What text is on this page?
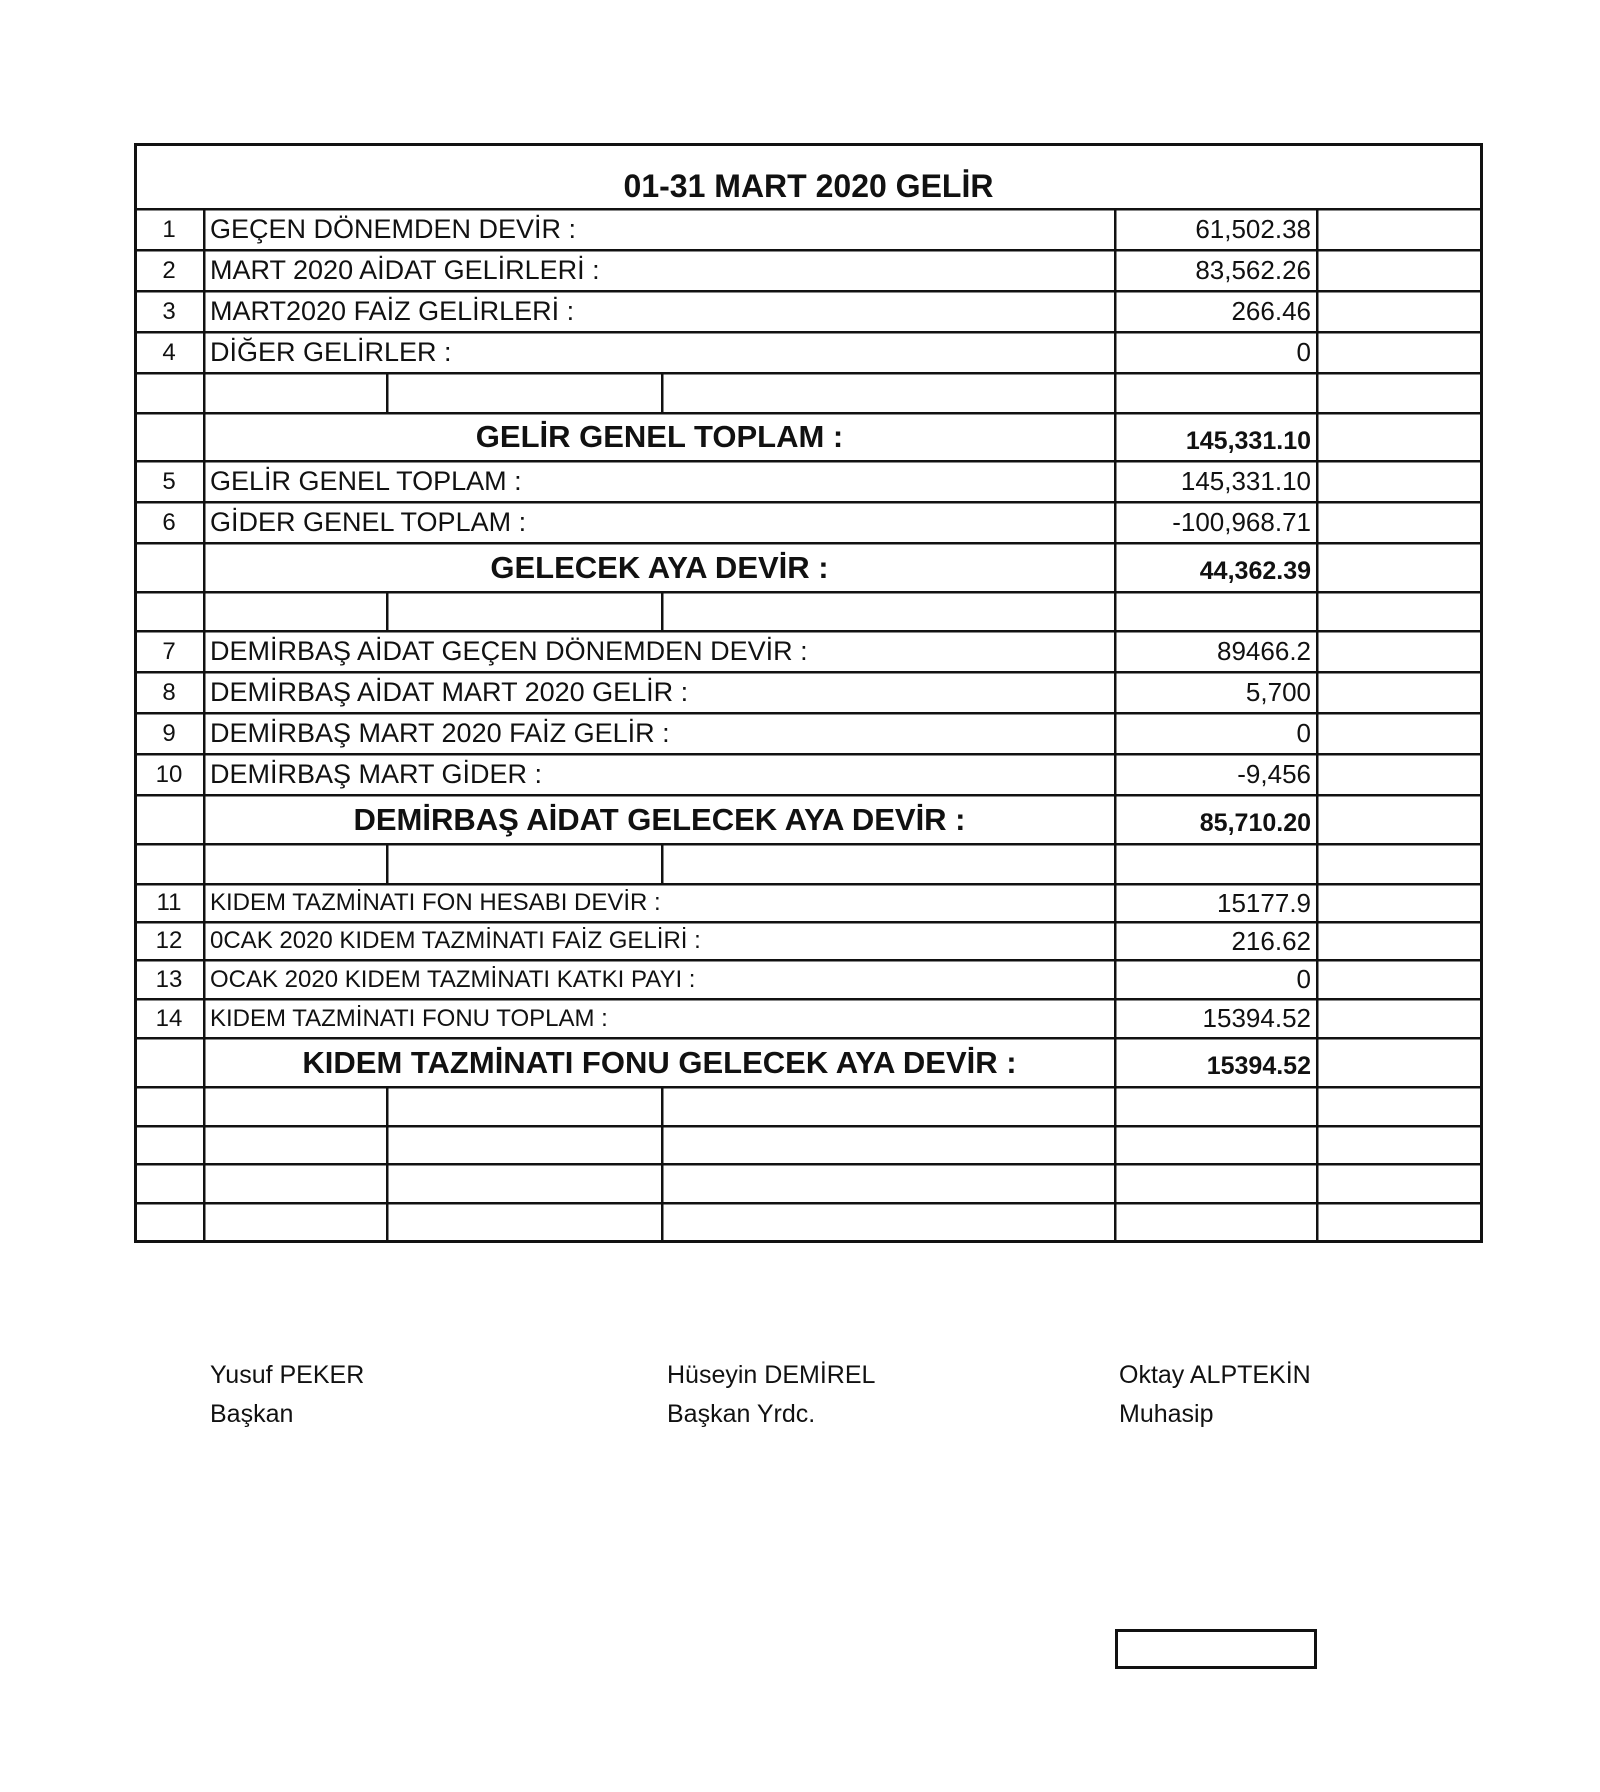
01-31 MART 2020 GELİR
1	GEÇEN DÖNEMDEN DEVİR :	61,502.38
2	MART 2020 AİDAT GELİRLERİ :	83,562.26
3	MART2020 FAİZ GELİRLERİ :	266.46
4	DİĞER GELİRLER :	0
GELİR GENEL TOPLAM :	145,331.10
5	GELİR GENEL TOPLAM :	145,331.10
6	GİDER GENEL TOPLAM :	-100,968.71
GELECEK AYA DEVİR :	44,362.39
7	DEMİRBAŞ AİDAT GEÇEN DÖNEMDEN DEVİR :	89466.2
8	DEMİRBAŞ AİDAT MART 2020 GELİR :	5,700
9	DEMİRBAŞ MART 2020 FAİZ GELİR :	0
10	DEMİRBAŞ MART GİDER :	-9,456
DEMİRBAŞ AİDAT GELECEK AYA DEVİR :	85,710.20
11	KIDEM TAZMİNATI FON HESABI DEVİR :	15177.9
12	0CAK 2020 KIDEM TAZMİNATI FAİZ GELİRİ :	216.62
13	OCAK 2020 KIDEM TAZMİNATI KATKI PAYI :	0
14	KIDEM TAZMİNATI FONU TOPLAM :	15394.52
KIDEM TAZMİNATI FONU GELECEK AYA DEVİR :	15394.52
Yusuf PEKER
Başkan
Hüseyin DEMİREL
Başkan Yrdc.
Oktay ALPTEKİN
Muhasip
